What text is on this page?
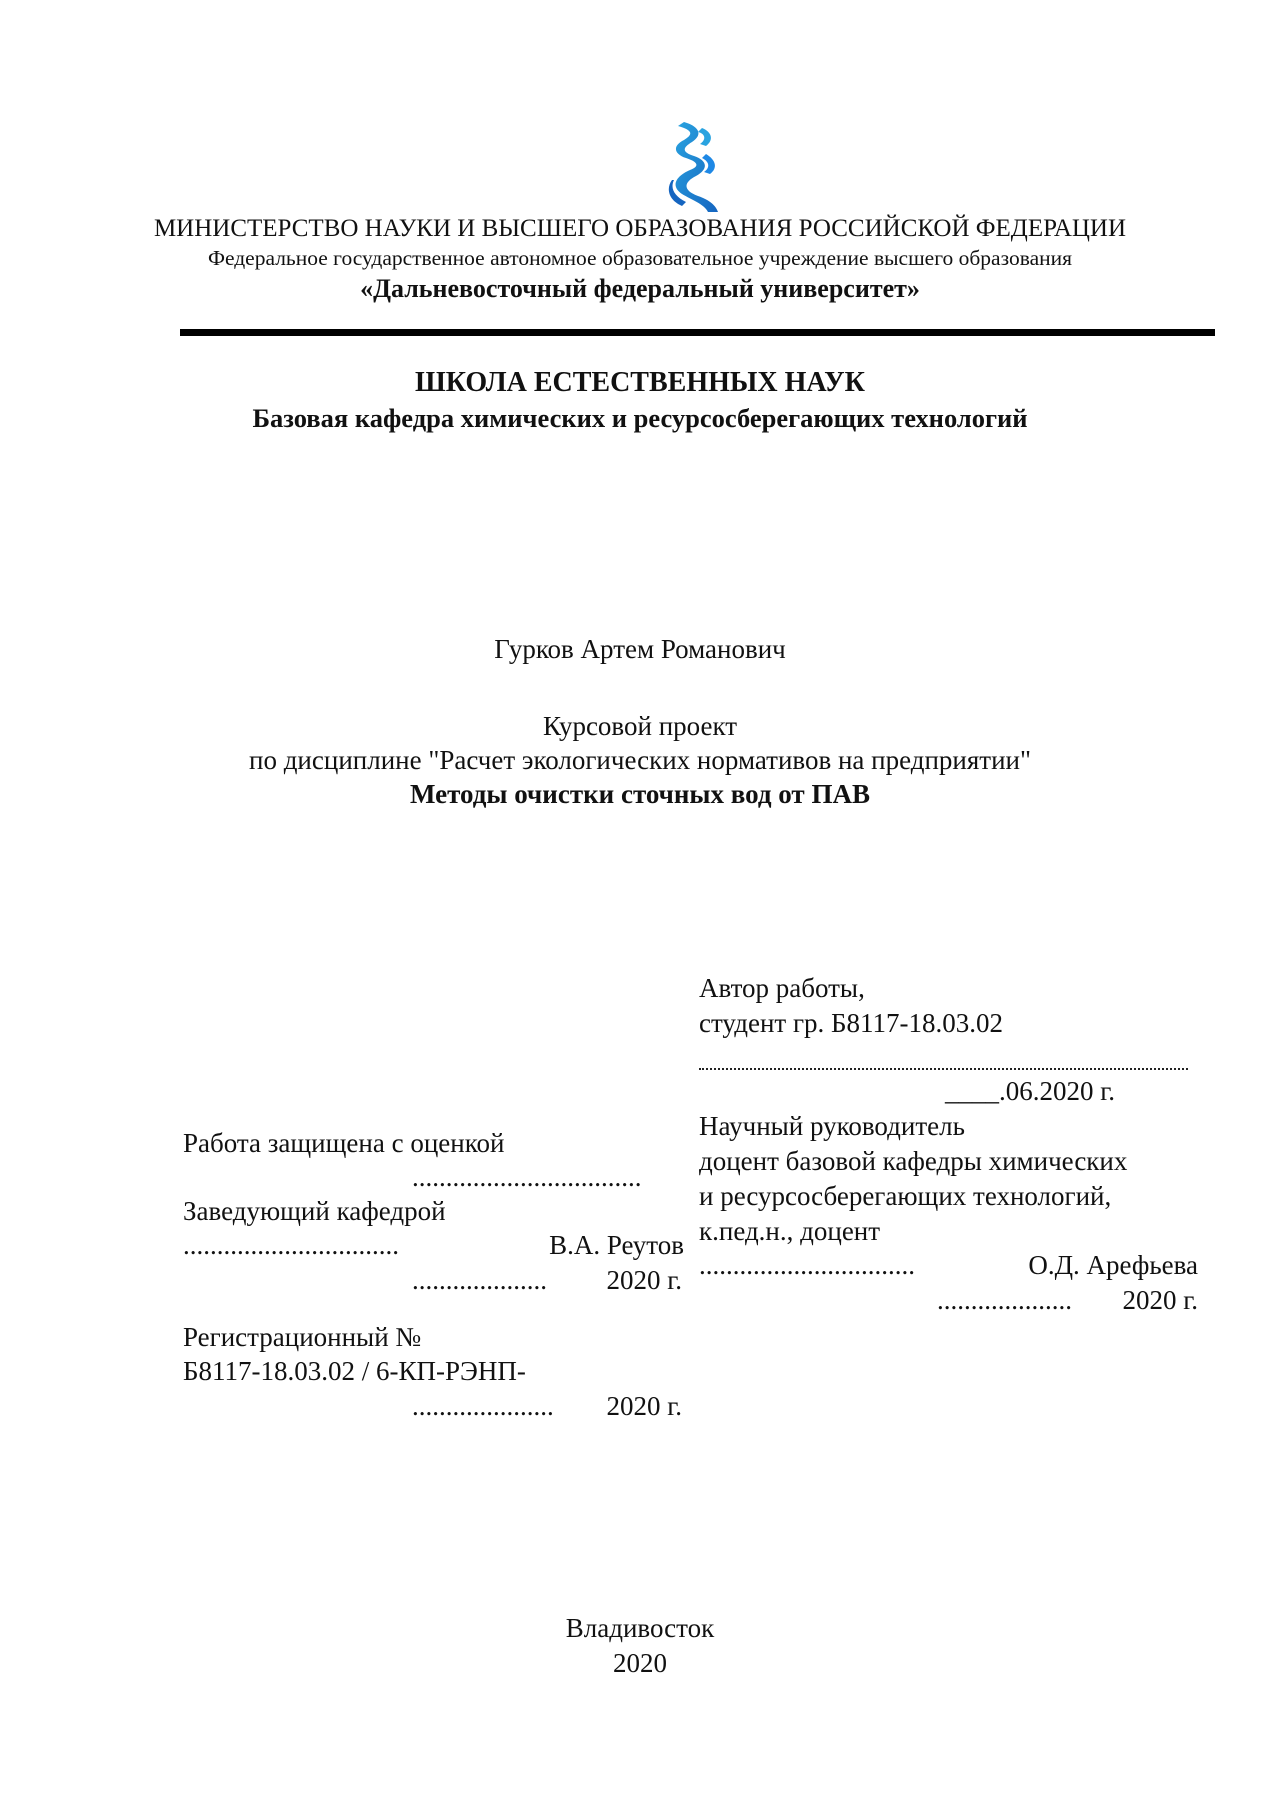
МИНИСТЕРСТВО НАУКИ И ВЫСШЕГО ОБРАЗОВАНИЯ РОССИЙСКОЙ ФЕДЕРАЦИИ
Федеральное государственное автономное образовательное учреждение высшего образования
«Дальневосточный федеральный университет»
ШКОЛА ЕСТЕСТВЕННЫХ НАУК
Базовая кафедра химических и ресурсосберегающих технологий
Гурков Артем Романович
Курсовой проект
по дисциплине "Расчет экологических нормативов на предприятии"
Методы очистки сточных вод от ПАВ
Автор работы,
студент гр. Б8117-18.03.02
____.06.2020 г.
Научный руководитель
доцент базовой кафедры химических
и ресурсосберегающих технологий,
к.пед.н., доцент
................................	О.Д. Арефьева
....................	2020 г.
Работа защищена с оценкой
..................................
Заведующий кафедрой
................................	В.А. Реутов
....................	2020 г.
Регистрационный №
Б8117-18.03.02 / 6-КП-РЭНП-
.....................	2020 г.
Владивосток
2020
